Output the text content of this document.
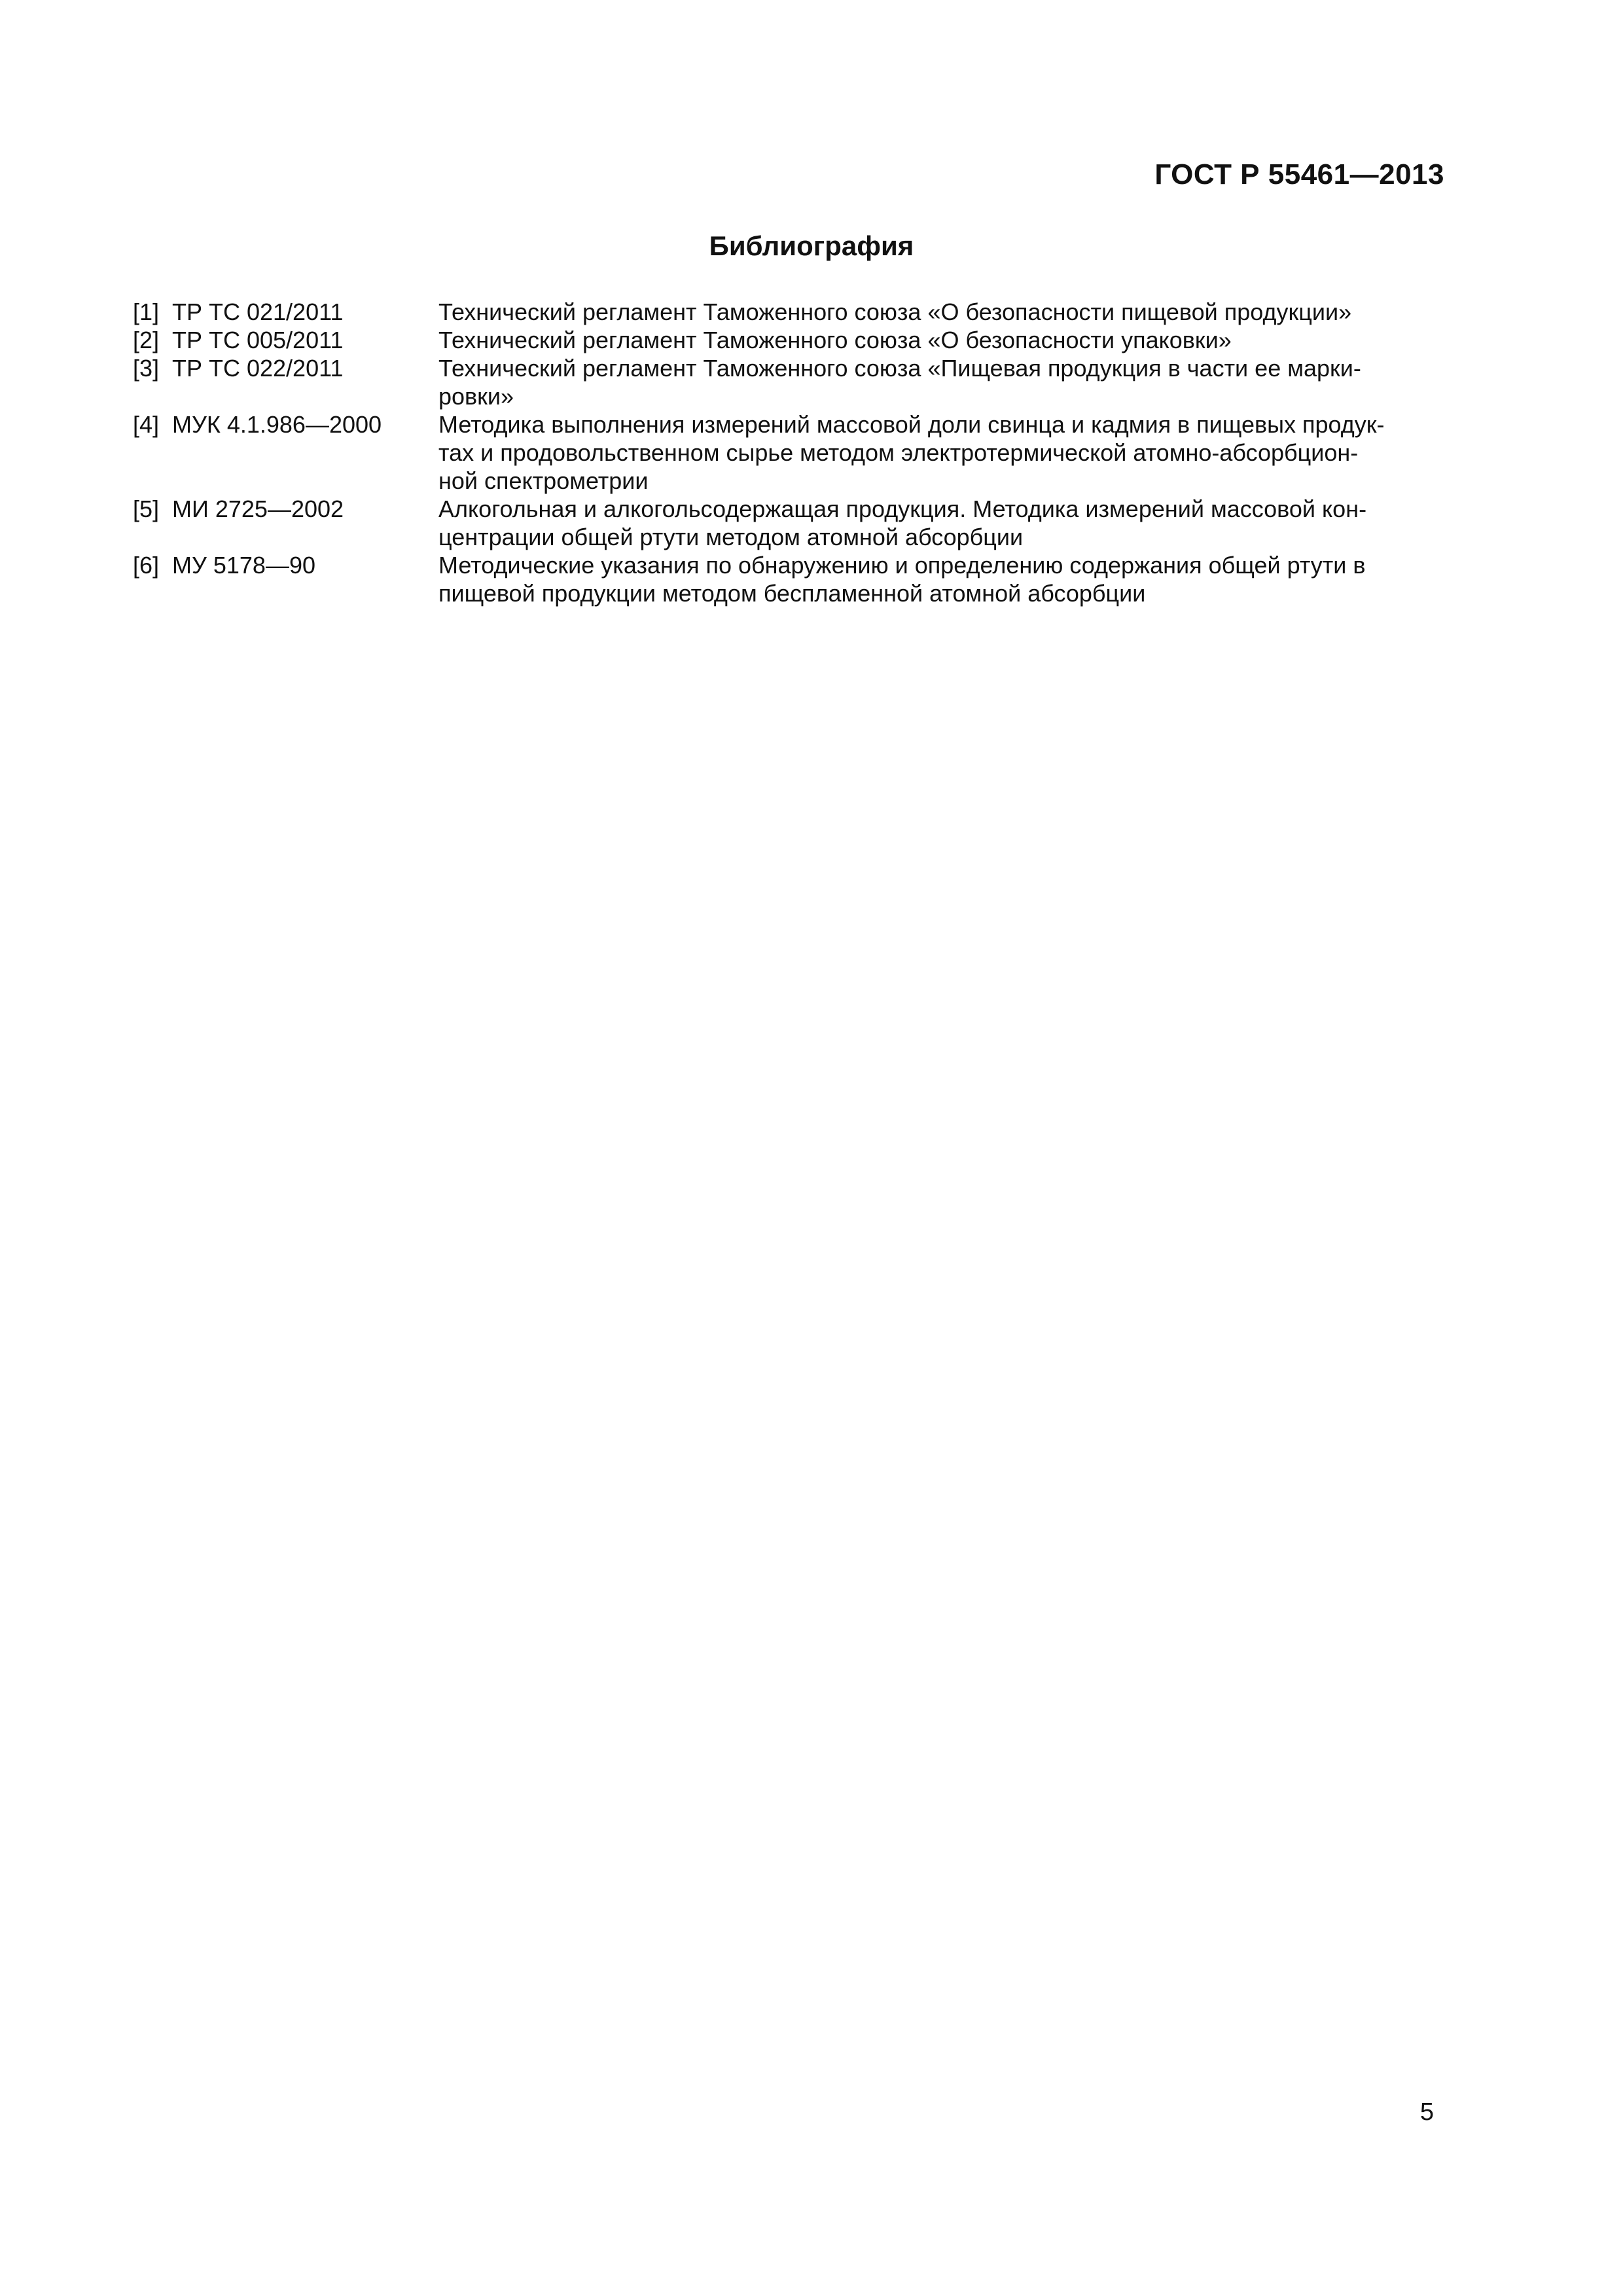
ГОСТ Р 55461—2013
Библиография
[1] ТР ТС 021/2011	Технический регламент Таможенного союза «О безопасности пищевой продукции»
[2] ТР ТС 005/2011	Технический регламент Таможенного союза «О безопасности упаковки»
[3] ТР ТС 022/2011	Технический регламент Таможенного союза «Пищевая продукция в части ее марки-
ровки»
[4] МУК 4.1.986—2000	Методика выполнения измерений массовой доли свинца и кадмия в пищевых продук-
тах и продовольственном сырье методом электротермической атомно-абсорбцион-
ной спектрометрии
[5] МИ 2725—2002	Алкогольная и алкогольсодержащая продукция. Методика измерений массовой кон-
центрации общей ртути методом атомной абсорбции
[6] МУ 5178—90	Методические указания по обнаружению и определению содержания общей ртути в
пищевой продукции методом беспламенной атомной абсорбции
5
